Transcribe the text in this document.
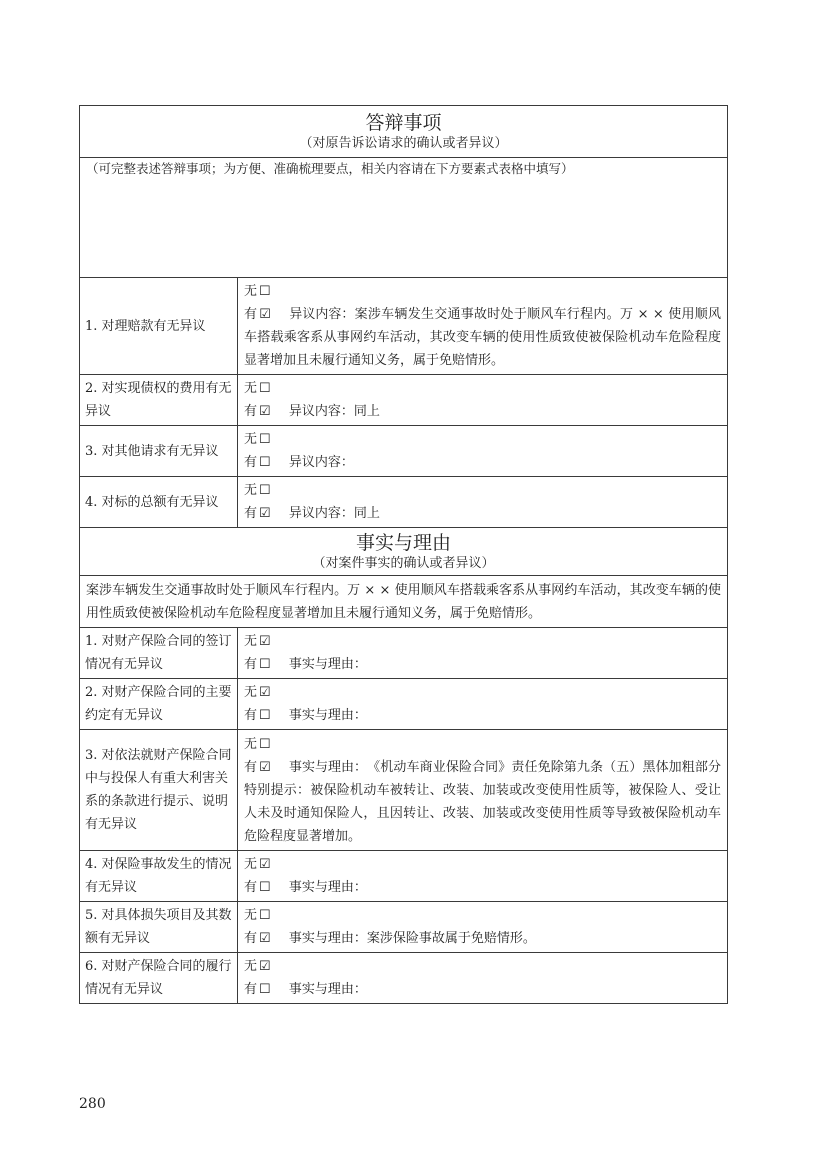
答辩事项
（对原告诉讼请求的确认或者异议）	

（可完整表述答辩事项；为方便、准确梳理要点，相关内容请在下方要素式表格中填写）	
1. 对理赔款有无异议	无 ☐
有 ☑ 异议内容：案涉车辆发生交通事故时处于顺风车行程内。万 × × 使用顺风车搭载乘客系从事网约车活动，其改变车辆的使用性质致使被保险机动车危险程度显著增加且未履行通知义务，属于免赔情形。

2. 对实现债权的费用有无异议	无 ☐
有 ☑ 异议内容：同上

3. 对其他请求有无异议	无 ☐
有 ☐ 异议内容：

4. 对标的总额有无异议	无 ☐
有 ☑ 异议内容：同上

事实与理由
（对案件事实的确认或者异议）	

案涉车辆发生交通事故时处于顺风车行程内。万 × × 使用顺风车搭载乘客系从事网约车活动，其改变车辆的使用性质致使被保险机动车危险程度显著增加且未履行通知义务，属于免赔情形。	

1. 对财产保险合同的签订情况有无异议	无 ☑
有 ☐ 事实与理由：

2. 对财产保险合同的主要约定有无异议	无 ☑
有 ☐ 事实与理由：

3. 对依法就财产保险合同中与投保人有重大利害关系的条款进行提示、说明有无异议	无 ☐
有 ☑ 事实与理由：《机动车商业保险合同》责任免除第九条（五）黑体加粗部分特别提示：被保险机动车被转让、改装、加装或改变使用性质等，被保险人、受让人未及时通知保险人，且因转让、改装、加装或改变使用性质等导致被保险机动车危险程度显著增加。

4. 对保险事故发生的情况有无异议	无 ☑
有 ☐ 事实与理由：

5. 对具体损失项目及其数额有无异议	无 ☐
有 ☑ 事实与理由：案涉保险事故属于免赔情形。

6. 对财产保险合同的履行情况有无异议	无 ☑
有 ☐ 事实与理由：
280
